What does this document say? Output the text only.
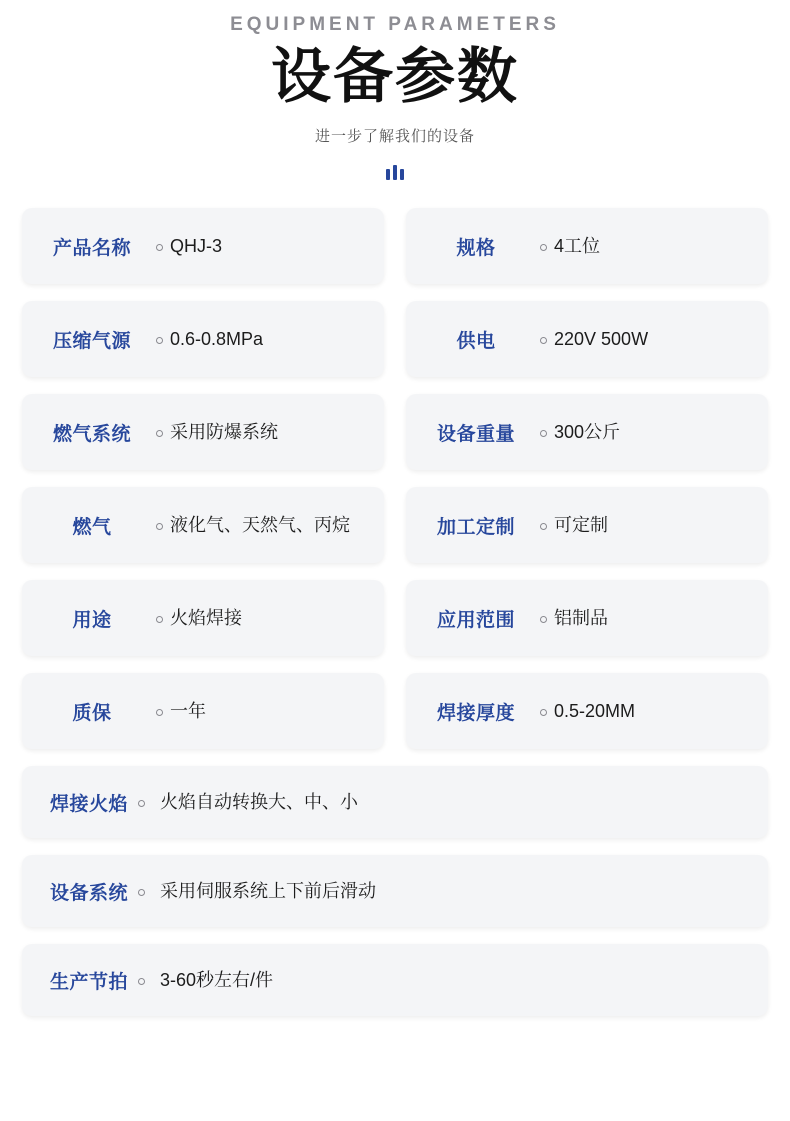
EQUIPMENT PARAMETERS

设备参数

进一步了解我们的设备

产品名称	QHJ-3	规格	4工位
压缩气源	0.6-0.8MPa	供电	220V 500W
燃气系统	采用防爆系统	设备重量	300公斤
燃气	液化气、天然气、丙烷	加工定制	可定制
用途	火焰焊接	应用范围	铝制品
质保	一年	焊接厚度	0.5-20MM
焊接火焰 火焰自动转换大、中、小
设备系统 采用伺服系统上下前后滑动
生产节拍 3-60秒左右/件
